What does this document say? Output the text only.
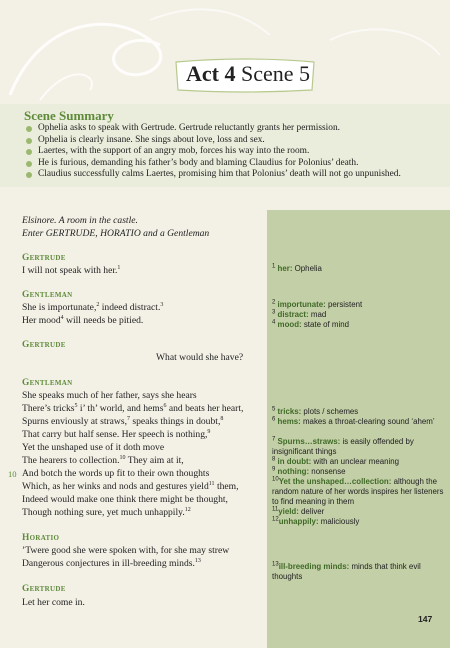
Act 4 Scene 5
Scene Summary
Ophelia asks to speak with Gertrude. Gertrude reluctantly grants her permission.
Ophelia is clearly insane. She sings about love, loss and sex.
Laertes, with the support of an angry mob, forces his way into the room.
He is furious, demanding his father’s body and blaming Claudius for Polonius’ death.
Claudius successfully calms Laertes, promising him that Polonius’ death will not go unpunished.
Elsinore. A room in the castle.
Enter GERTRUDE, HORATIO and a Gentleman
Gertrude
I will not speak with her.$^1$
Gentleman
She is importunate,$^2$ indeed distract.$^3$
Her mood$^4$ will needs be pitied.
Gertrude
What would she have?
Gentleman
She speaks much of her father, says she hears
There’s tricks$^5$ i’ th’ world, and hems$^6$ and beats her heart,
Spurns enviously at straws,$^7$ speaks things in doubt,$^8$
That carry but half sense. Her speech is nothing,$^9$
Yet the unshaped use of it doth move
The hearers to collection.$^{10}$ They aim at it,
10 And botch the words up fit to their own thoughts
Which, as her winks and nods and gestures yield$^{11}$ them,
Indeed would make one think there might be thought,
Though nothing sure, yet much unhappily.$^{12}$
Horatio
’Twere good she were spoken with, for she may strew
Dangerous conjectures in ill-breeding minds.$^{13}$
Gertrude
Let her come in.
$^1$ her: Ophelia
$^2$ importunate: persistent
$^3$ distract: mad
$^4$ mood: state of mind
$^5$ tricks: plots / schemes
$^6$ hems: makes a throat-clearing sound ‘ahem’
$^7$ Spurns…straws: is easily offended by insignificant things
$^8$ in doubt: with an unclear meaning
$^9$ nothing: nonsense
$^{10}$Yet the unshaped…collection: although the random nature of her words inspires her listeners to find meaning in them
$^{11}$yield: deliver
$^{12}$unhappily: maliciously
$^{13}$ill-breeding minds: minds that think evil thoughts
147
